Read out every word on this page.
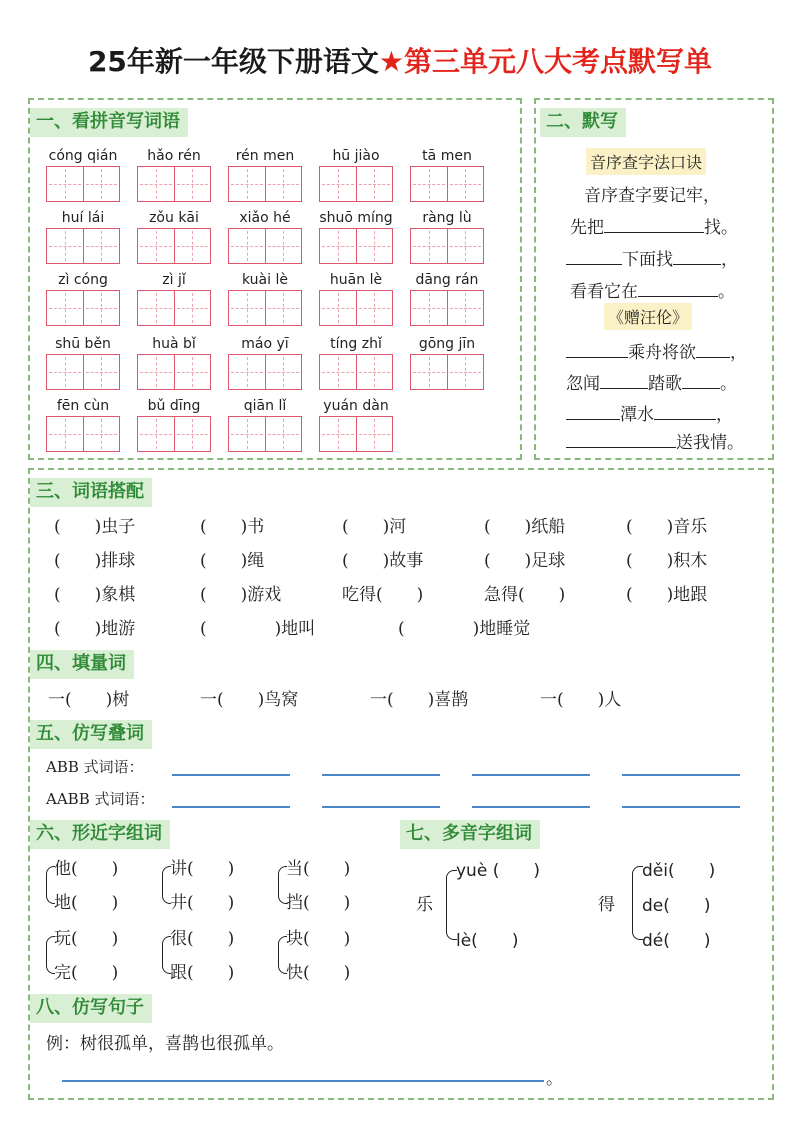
25年新一年级下册语文★第三单元八大考点默写单
一、看拼音写词语
cóng qián	hǎo rén	rén men	hū jiào	tā men
huí lái	zǒu kāi	xiǎo hé	shuō míng	ràng lù
zì cóng	zì jǐ	kuài lè	huān lè	dāng rán
shū běn	huà bǐ	máo yī	tíng zhǐ	gōng jīn
fēn cùn	bǔ dīng	qiān lǐ	yuán dàn
二、默写
音序查字法口诀
音序查字要记牢，
先把	找。
下面找	，
看看它在	。
《赠汪伦》
乘舟将欲 ，
忽闻	踏歌 。
潭水	，
送我情。
三、词语搭配
(　　)虫子	(　　)书	(　　)河	(　　)纸船	(　　)音乐
(　　)排球	(　　)绳	(　　)故事	(　　)足球	(　　)积木
(　　)象棋	(　　)游戏	吃得(　　)	急得(　　)	(　　)地跟
(　　)地游	(　　　　)地叫	(　　　　)地睡觉
四、填量词
一(　　)树	一(　　)鸟窝	一(　　)喜鹊	一(　　)人
五、仿写叠词
ABB 式词语：
AABB 式词语：
六、形近字组词
他(　　)
地(　　)
讲(　　)
井(　　)
当(　　)
挡(　　)
玩(　　)
完(　　)
很(　　)
跟(　　)
块(　　)
快(　　)
七、多音字组词
乐
yuè (　　)
lè(　　)
得
děi(　　)
de(　　)
dé(　　)
八、仿写句子
例：树很孤单，喜鹊也很孤单。
。
